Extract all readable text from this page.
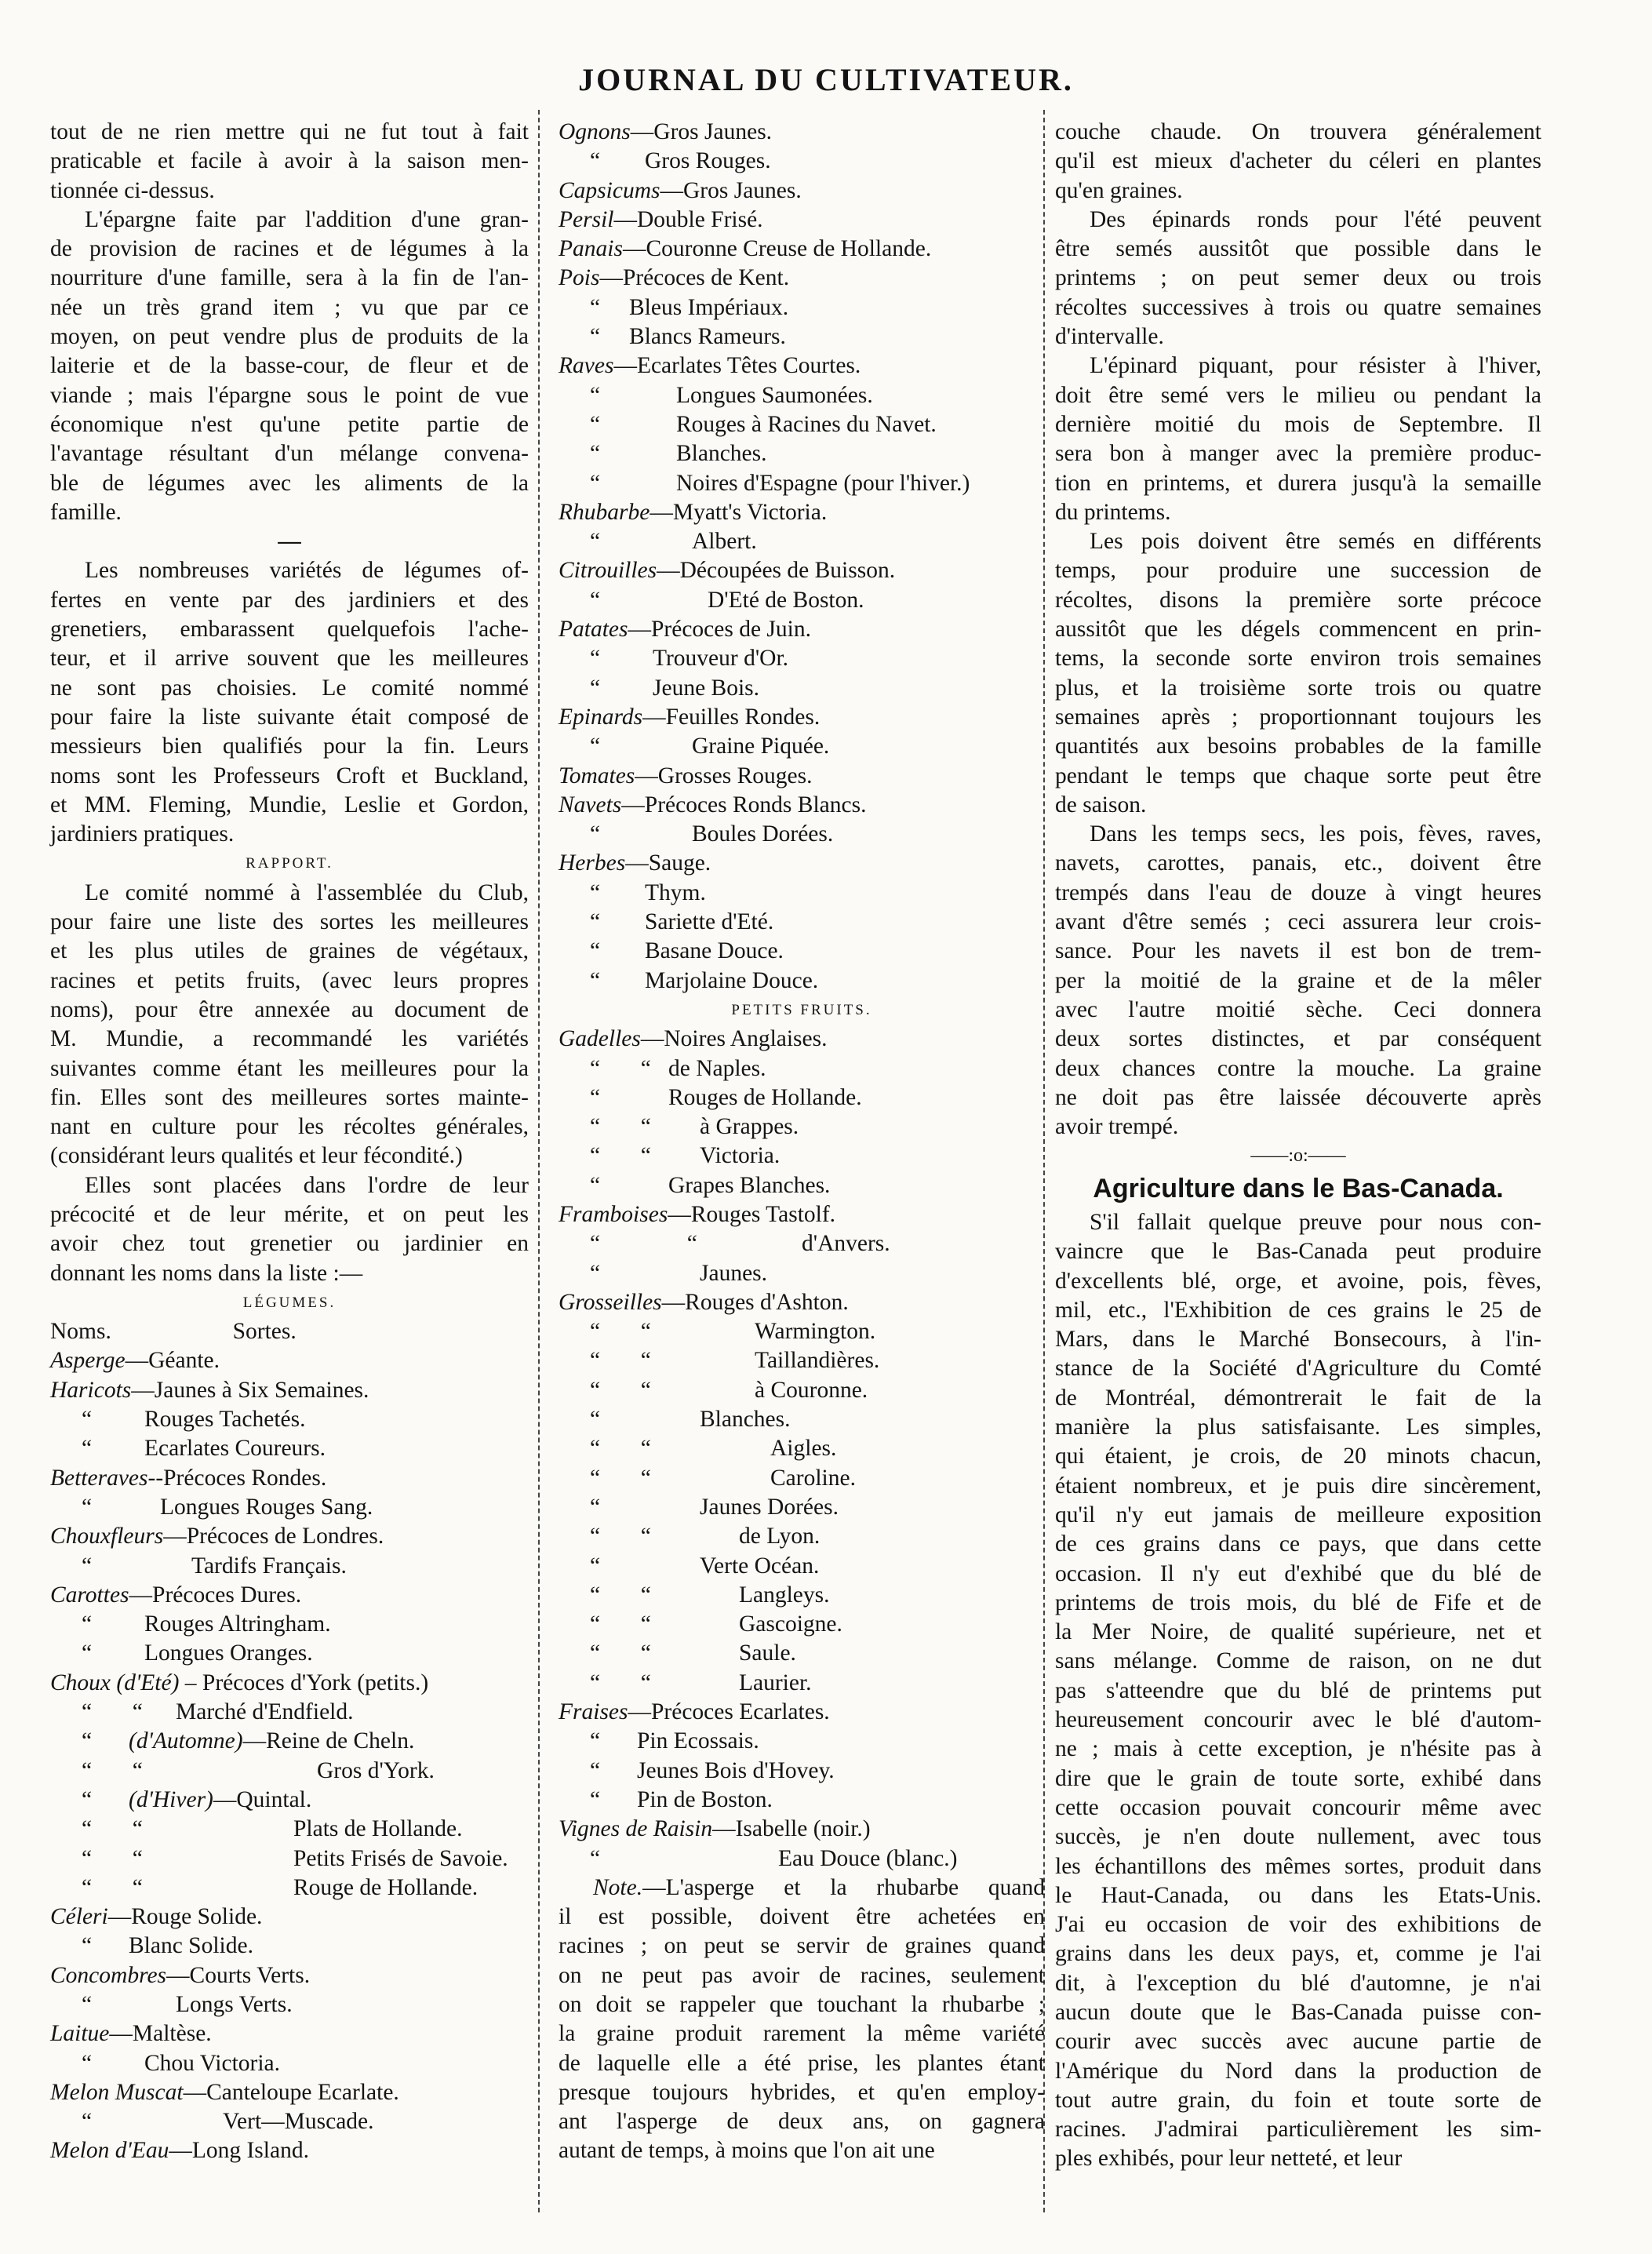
JOURNAL DU CULTIVATEUR.
tout de ne rien mettre qui ne fut tout à fait
praticable et facile à avoir à la saison men-
tionnée ci-dessus.
L'épargne faite par l'addition d'une gran-
de provision de racines et de légumes à la
nourriture d'une famille, sera à la fin de l'an-
née un très grand item ; vu que par ce
moyen, on peut vendre plus de produits de la
laiterie et de la basse-cour, de fleur et de
viande ; mais l'épargne sous le point de vue
économique n'est qu'une petite partie de
l'avantage résultant d'un mélange convena-
ble de légumes avec les aliments de la
famille.
—
Les nombreuses variétés de légumes of-
fertes en vente par des jardiniers et des
grenetiers, embarassent quelquefois l'ache-
teur, et il arrive souvent que les meilleures
ne sont pas choisies. Le comité nommé
pour faire la liste suivante était composé de
messieurs bien qualifiés pour la fin. Leurs
noms sont les Professeurs Croft et Buckland,
et MM. Fleming, Mundie, Leslie et Gordon,
jardiniers pratiques.
RAPPORT.
Le comité nommé à l'assemblée du Club,
pour faire une liste des sortes les meilleures
et les plus utiles de graines de végétaux,
racines et petits fruits, (avec leurs propres
noms), pour être annexée au document de
M. Mundie, a recommandé les variétés
suivantes comme étant les meilleures pour la
fin. Elles sont des meilleures sortes mainte-
nant en culture pour les récoltes générales,
(considérant leurs qualités et leur fécondité.)
Elles sont placées dans l'ordre de leur
précocité et de leur mérite, et on peut les
avoir chez tout grenetier ou jardinier en
donnant les noms dans la liste :—
LÉGUMES.
Noms.	Sortes.
Asperge—Géante.
Haricots—Jaunes à Six Semaines.
“ Rouges Tachetés.
“ Ecarlates Coureurs.
Betteraves--Précoces Rondes.
“	Longues Rouges Sang.
Chouxfleurs—Précoces de Londres.
“	Tardifs Français.
Carottes—Précoces Dures.
“ Rouges Altringham.
“ Longues Oranges.
Choux (d'Eté) – Précoces d'York (petits.)
“       “ Marché d'Endfield.
“ (d'Automne)—Reine de Cheln.
“       “	Gros d'York.
“ (d'Hiver)—Quintal.
“       “	Plats de Hollande.
“       “	Petits Frisés de Savoie.
“       “	Rouge de Hollande.
Céleri—Rouge Solide.
“ Blanc Solide.
Concombres—Courts Verts.
“	Longs Verts.
Laitue—Maltèse.
“ Chou Victoria.
Melon Muscat—Canteloupe Ecarlate.
“	Vert—Muscade.
Melon d'Eau—Long Island.
Ognons—Gros Jaunes.
“ Gros Rouges.
Capsicums—Gros Jaunes.
Persil—Double Frisé.
Panais—Couronne Creuse de Hollande.
Pois—Précoces de Kent.
“ Bleus Impériaux.
“ Blancs Rameurs.
Raves—Ecarlates Têtes Courtes.
“	Longues Saumonées.
“	Rouges à Racines du Navet.
“	Blanches.
“	Noires d'Espagne (pour l'hiver.)
Rhubarbe—Myatt's Victoria.
“	Albert.
Citrouilles—Découpées de Buisson.
“	D'Eté de Boston.
Patates—Précoces de Juin.
“ Trouveur d'Or.
“ Jeune Bois.
Epinards—Feuilles Rondes.
“	Graine Piquée.
Tomates—Grosses Rouges.
Navets—Précoces Ronds Blancs.
“	Boules Dorées.
Herbes—Sauge.
“ Thym.
“ Sariette d'Eté.
“ Basane Douce.
“ Marjolaine Douce.
PETITS FRUITS.
Gadelles—Noires Anglaises.
“       “ de Naples.
“	Rouges de Hollande.
“       “ à Grappes.
“       “ Victoria.
“	Grapes Blanches.
Framboises—Rouges Tastolf.
“               “	d'Anvers.
“	Jaunes.
Grosseilles—Rouges d'Ashton.
“       “	Warmington.
“       “	Taillandières.
“       “	à Couronne.
“	Blanches.
“       “	Aigles.
“       “	Caroline.
“	Jaunes Dorées.
“       “	de Lyon.
“	Verte Océan.
“       “	Langleys.
“       “	Gascoigne.
“       “	Saule.
“       “	Laurier.
Fraises—Précoces Ecarlates.
“ Pin Ecossais.
“ Jeunes Bois d'Hovey.
“ Pin de Boston.
Vignes de Raisin—Isabelle (noir.)
“	Eau Douce (blanc.)
Note.—L'asperge et la rhubarbe quand
il est possible, doivent être achetées en
racines ; on peut se servir de graines quand
on ne peut pas avoir de racines, seulement
on doit se rappeler que touchant la rhubarbe ;
la graine produit rarement la même variété
de laquelle elle a été prise, les plantes étant
presque toujours hybrides, et qu'en employ-
ant l'asperge de deux ans, on gagnera
autant de temps, à moins que l'on ait une
couche chaude. On trouvera généralement
qu'il est mieux d'acheter du céleri en plantes
qu'en graines.
Des épinards ronds pour l'été peuvent
être semés aussitôt que possible dans le
printems ; on peut semer deux ou trois
récoltes successives à trois ou quatre semaines
d'intervalle.
L'épinard piquant, pour résister à l'hiver,
doit être semé vers le milieu ou pendant la
dernière moitié du mois de Septembre. Il
sera bon à manger avec la première produc-
tion en printems, et durera jusqu'à la semaille
du printems.
Les pois doivent être semés en différents
temps, pour produire une succession de
récoltes, disons la première sorte précoce
aussitôt que les dégels commencent en prin-
tems, la seconde sorte environ trois semaines
plus, et la troisième sorte trois ou quatre
semaines après ; proportionnant toujours les
quantités aux besoins probables de la famille
pendant le temps que chaque sorte peut être
de saison.
Dans les temps secs, les pois, fèves, raves,
navets, carottes, panais, etc., doivent être
trempés dans l'eau de douze à vingt heures
avant d'être semés ; ceci assurera leur crois-
sance. Pour les navets il est bon de trem-
per la moitié de la graine et de la mêler
avec l'autre moitié sèche. Ceci donnera
deux sortes distinctes, et par conséquent
deux chances contre la mouche. La graine
ne doit pas être laissée découverte après
avoir trempé.
——:o:——
Agriculture dans le Bas-Canada.
S'il fallait quelque preuve pour nous con-
vaincre que le Bas-Canada peut produire
d'excellents blé, orge, et avoine, pois, fèves,
mil, etc., l'Exhibition de ces grains le 25 de
Mars, dans le Marché Bonsecours, à l'in-
stance de la Société d'Agriculture du Comté
de Montréal, démontrerait le fait de la
manière la plus satisfaisante. Les simples,
qui étaient, je crois, de 20 minots chacun,
étaient nombreux, et je puis dire sincèrement,
qu'il n'y eut jamais de meilleure exposition
de ces grains dans ce pays, que dans cette
occasion. Il n'y eut d'exhibé que du blé de
printems de trois mois, du blé de Fife et de
la Mer Noire, de qualité supérieure, net et
sans mélange. Comme de raison, on ne dut
pas s'atteendre que du blé de printems put
heureusement concourir avec le blé d'autom-
ne ; mais à cette exception, je n'hésite pas à
dire que le grain de toute sorte, exhibé dans
cette occasion pouvait concourir même avec
succès, je n'en doute nullement, avec tous
les échantillons des mêmes sortes, produit dans
le Haut-Canada, ou dans les Etats-Unis.
J'ai eu occasion de voir des exhibitions de
grains dans les deux pays, et, comme je l'ai
dit, à l'exception du blé d'automne, je n'ai
aucun doute que le Bas-Canada puisse con-
courir avec succès avec aucune partie de
l'Amérique du Nord dans la production de
tout autre grain, du foin et toute sorte de
racines. J'admirai particulièrement les sim-
ples exhibés, pour leur netteté, et leur
